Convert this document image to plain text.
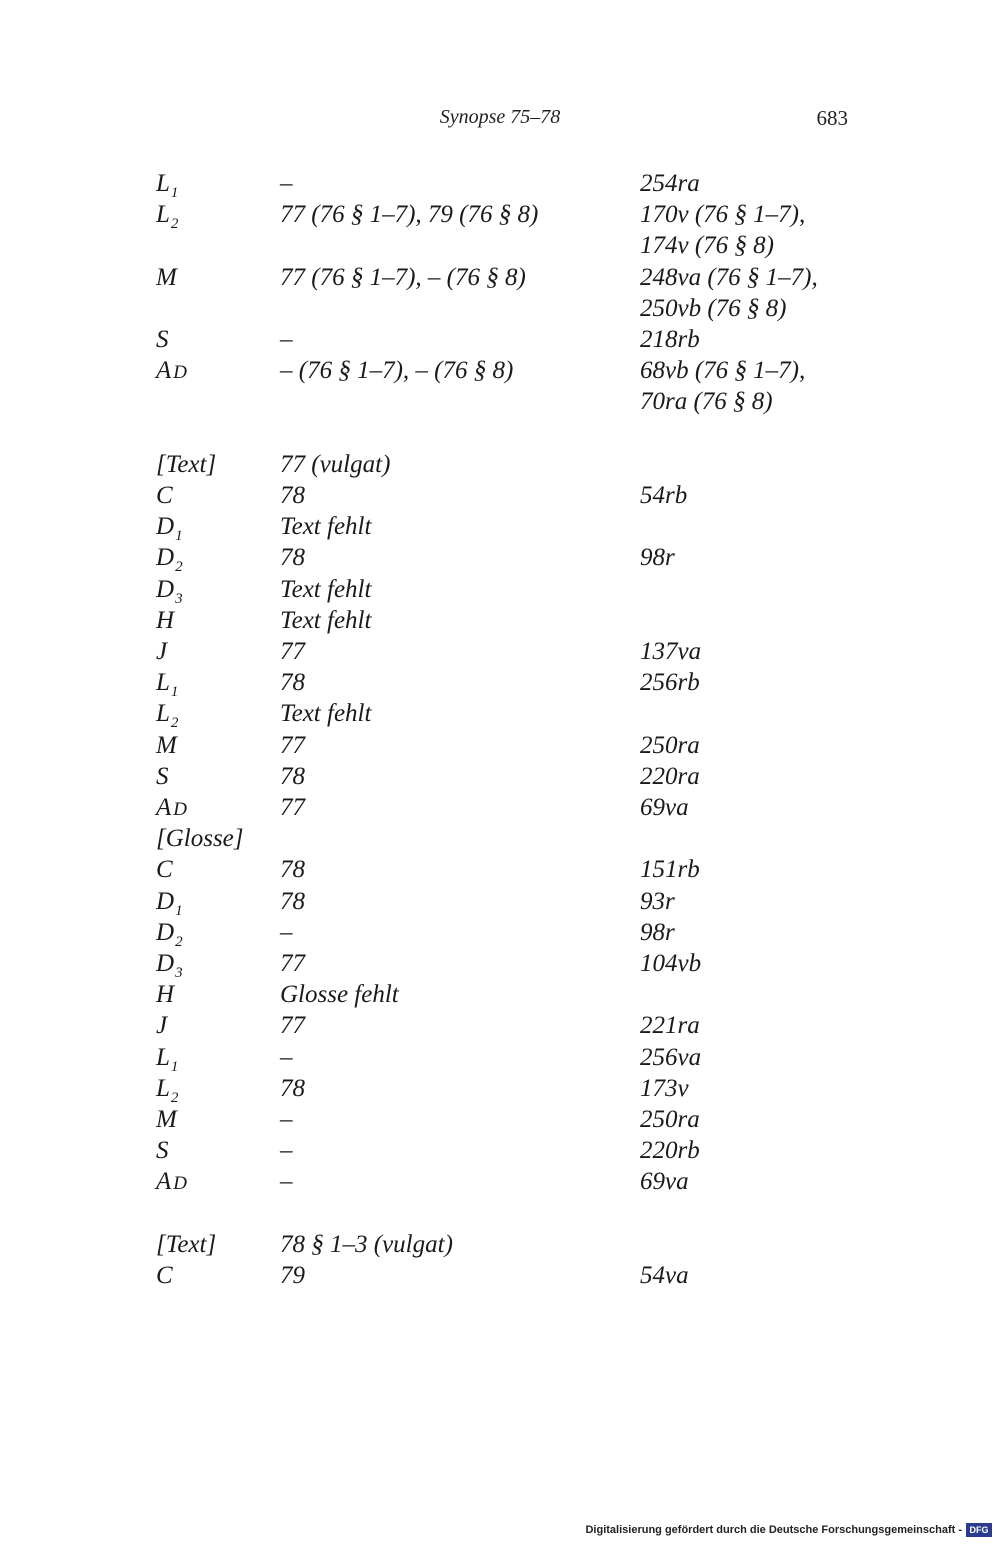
Synopse 75–78	683
$L_1$	–	254ra
$L_2$	77 (76 § 1–7), 79 (76 § 8)	170v (76 § 1–7),
174v (76 § 8)
M	77 (76 § 1–7), – (76 § 8)	248va (76 § 1–7),
250vb (76 § 8)
S	–	218rb
A D	– (76 § 1–7), – (76 § 8)	68vb (76 § 1–7),
70ra (76 § 8)
[Text]	77 (vulgat)
C	78	54rb
$D_1$	Text fehlt
$D_2$	78	98r
$D_3$	Text fehlt
H	Text fehlt
J	77	137va
$L_1$	78	256rb
$L_2$	Text fehlt
M	77	250ra
S	78	220ra
A D	77	69va
[Glosse]
C	78	151rb
$D_1$	78	93r
$D_2$	–	98r
$D_3$	77	104vb
H	Glosse fehlt
J	77	221ra
$L_1$	–	256va
$L_2$	78	173v
M	–	250ra
S	–	220rb
A D	–	69va
[Text]	78 § 1–3 (vulgat)
C	79	54va
Digitalisierung gefördert durch die Deutsche Forschungsgemeinschaft - DFG
